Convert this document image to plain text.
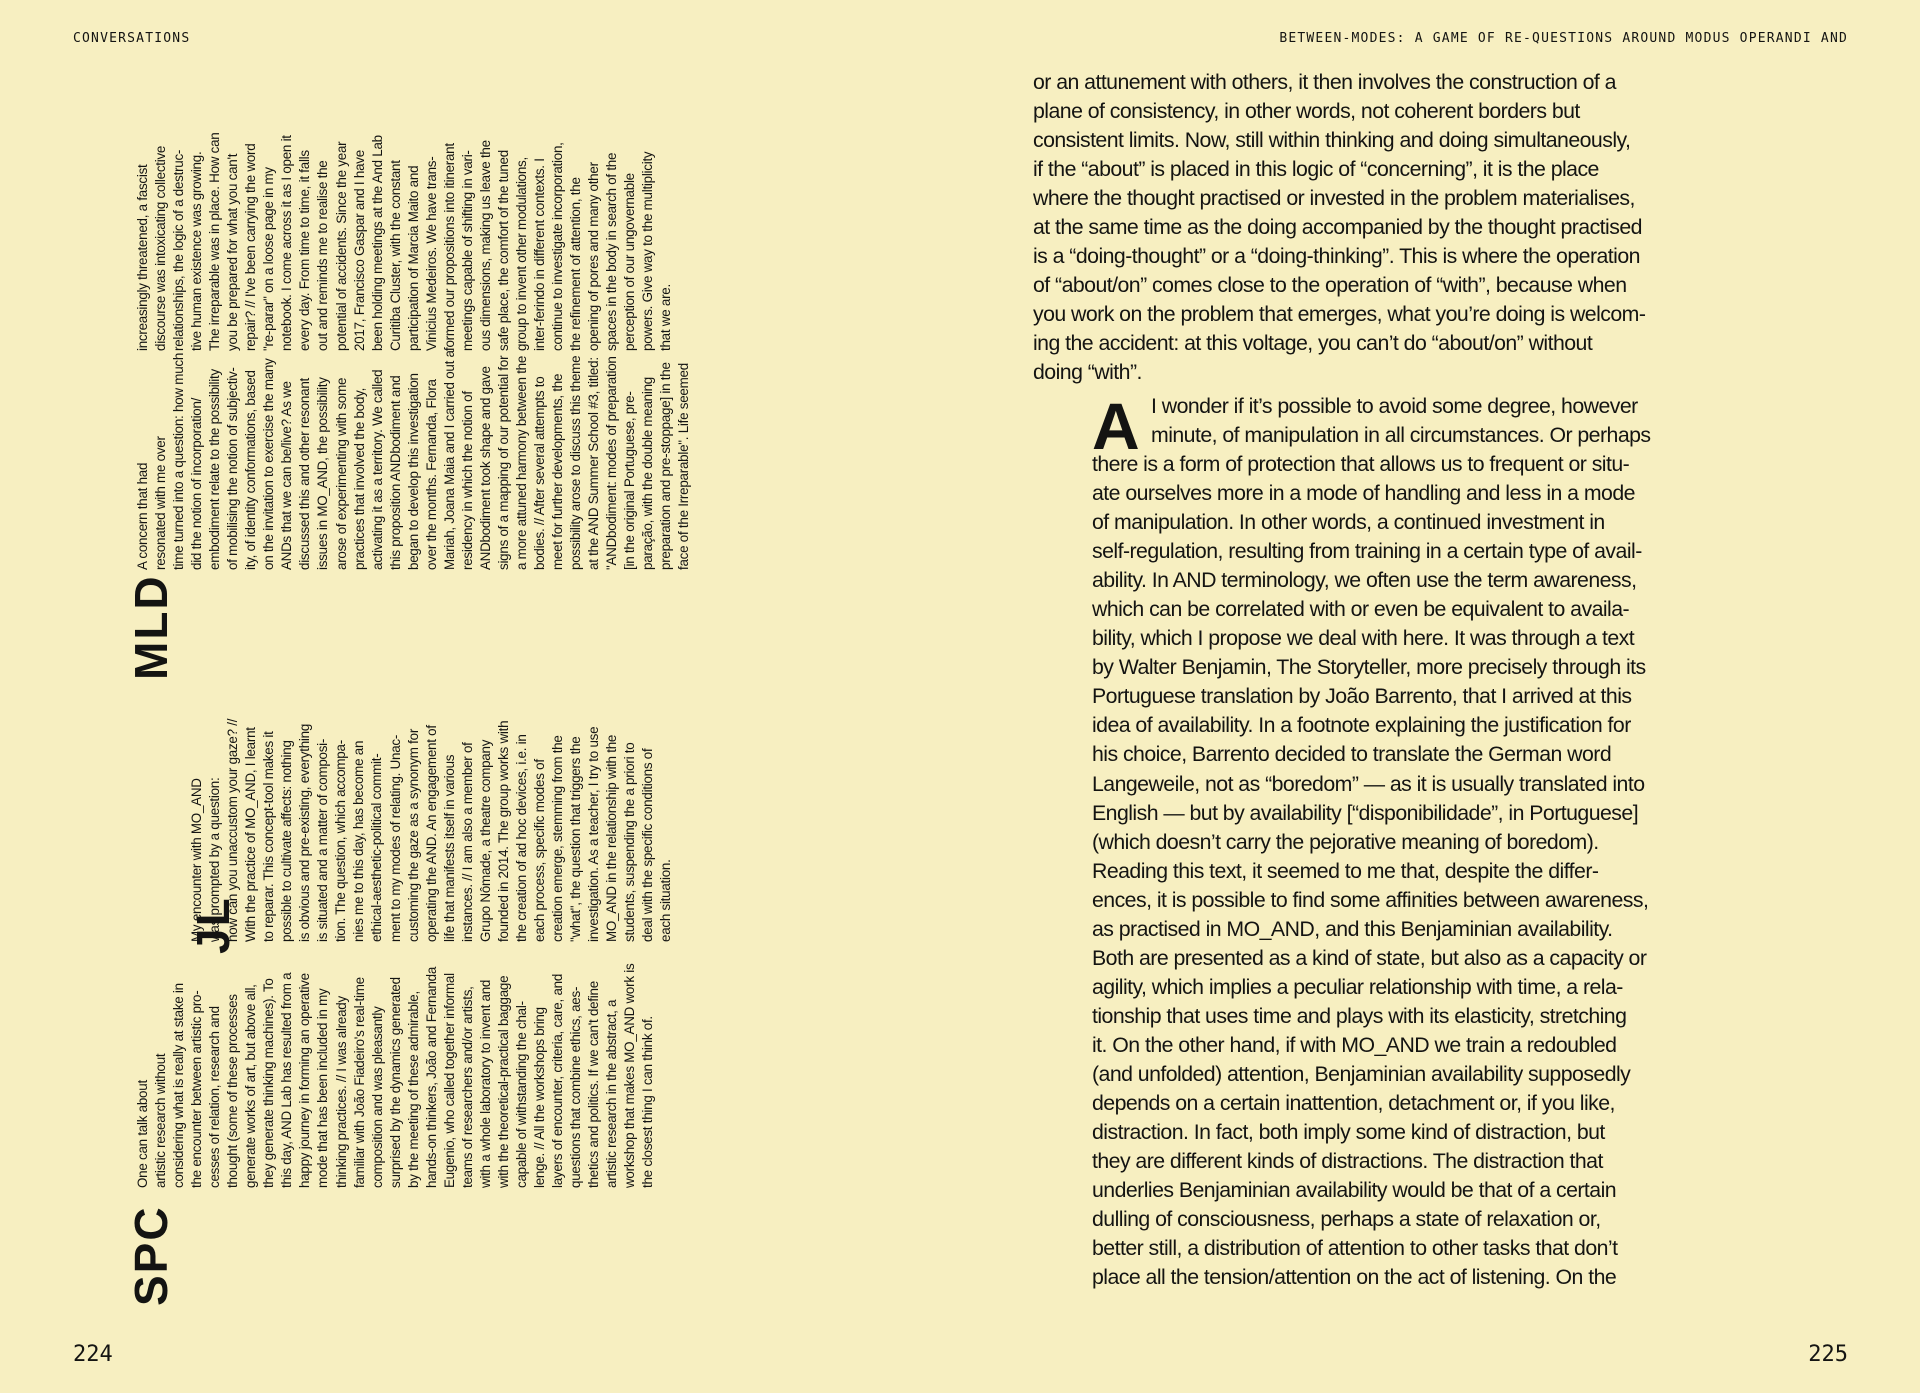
CONVERSATIONS	BETWEEN-MODES: A GAME OF RE-QUESTIONS AROUND MODUS OPERANDI AND
SPC
One can talk about
artistic research without
considering what is really at stake in
the encounter between artistic pro-
cesses of relation, research and
thought (some of these processes
generate works of art, but above all,
they generate thinking machines). To
this day, AND Lab has resulted from a
happy journey in forming an operative
mode that has been included in my
thinking practices. // I was already
familiar with João Fiadeiro's real-time
composition and was pleasantly
surprised by the dynamics generated
by the meeting of these admirable,
hands-on thinkers, João and Fernanda
Eugenio, who called together informal
teams of researchers and/or artists,
with a whole laboratory to invent and
with the theoretical-practical baggage
capable of withstanding the chal-
lenge. // All the workshops bring
layers of encounter, criteria, care, and
questions that combine ethics, aes-
thetics and politics. If we can't define
artistic research in the abstract, a
workshop that makes MO_AND work is
the closest thing I can think of.
JL
My encounter with MO_AND
was prompted by a question:
how can you unaccustom your gaze? //
With the practice of MO_AND, I learnt
to reparar. This concept-tool makes it
possible to cultivate affects: nothing
is obvious and pre-existing, everything
is situated and a matter of composi-
tion. The question, which accompa-
nies me to this day, has become an
ethical-aesthetic-political commit-
ment to my modes of relating. Unac-
customing the gaze as a synonym for
operating the AND. An engagement of
life that manifests itself in various
instances. // I am also a member of
Grupo Nômade, a theatre company
founded in 2014. The group works with
the creation of ad hoc devices, i.e. in
each process, specific modes of
creation emerge, stemming from the
"what", the question that triggers the
investigation. As a teacher, I try to use
MO_AND in the relationship with the
students, suspending the a priori to
deal with the specific conditions of
each situation.
MLD
A concern that had
resonated with me over
time turned into a question: how much
did the notion of incorporation/
embodiment relate to the possibility
of mobilising the notion of subjectiv-
ity, of identity conformations, based
on the invitation to exercise the many
ANDs that we can be/live? As we
discussed this and other resonant
issues in MO_AND, the possibility
arose of experimenting with some
practices that involved the body,
activating it as a territory. We called
this proposition ANDbodiment and
began to develop this investigation
over the months. Fernanda, Flora
Mariah, Joana Maia and I carried out a
residency in which the notion of
ANDbodiment took shape and gave
signs of a mapping of our potential for
a more attuned harmony between the
bodies. // After several attempts to
meet for further developments, the
possibility arose to discuss this theme
at the AND Summer School #3, titled:
"ANDbodiment: modes of preparation
[in the original Portuguese, pre-
paração, with the double meaning
preparation and pre-stoppage] in the
face of the Irreparable". Life seemed
increasingly threatened, a fascist
discourse was intoxicating collective
relationships, the logic of a destruc-
tive human existence was growing.
The irreparable was in place. How can
you be prepared for what you can't
repair? // I've been carrying the word
"re-parar" on a loose page in my
notebook. I come across it as I open it
every day. From time to time, it falls
out and reminds me to realise the
potential of accidents. Since the year
2017, Francisco Gaspar and I have
been holding meetings at the And Lab
Curitiba Cluster, with the constant
participation of Marcia Maito and
Vinicius Medeiros. We have trans-
formed our propositions into itinerant
meetings capable of shifting in vari-
ous dimensions, making us leave the
safe place, the comfort of the tuned
group to invent other modulations,
inter-ferindo in different contexts. I
continue to investigate incorporation,
the refinement of attention, the
opening of pores and many other
spaces in the body in search of the
perception of our ungovernable
powers. Give way to the multiplicity
that we are.
or an attunement with others, it then involves the construction of a
plane of consistency, in other words, not coherent borders but
consistent limits. Now, still within thinking and doing simultaneously,
if the “about” is placed in this logic of “concerning”, it is the place
where the thought practised or invested in the problem materialises,
at the same time as the doing accompanied by the thought practised
is a “doing-thought” or a “doing-thinking”. This is where the operation
of “about/on” comes close to the operation of “with”, because when
you work on the problem that emerges, what you’re doing is welcom-
ing the accident: at this voltage, you can’t do “about/on” without
doing “with”.
A I wonder if it’s possible to avoid some degree, however
minute, of manipulation in all circumstances. Or perhaps
there is a form of protection that allows us to frequent or situ-
ate ourselves more in a mode of handling and less in a mode
of manipulation. In other words, a continued investment in
self-regulation, resulting from training in a certain type of avail-
ability. In AND terminology, we often use the term awareness,
which can be correlated with or even be equivalent to availa-
bility, which I propose we deal with here. It was through a text
by Walter Benjamin, The Storyteller, more precisely through its
Portuguese translation by João Barrento, that I arrived at this
idea of availability. In a footnote explaining the justification for
his choice, Barrento decided to translate the German word
Langeweile, not as “boredom” — as it is usually translated into
English — but by availability [“disponibilidade”, in Portuguese]
(which doesn’t carry the pejorative meaning of boredom).
Reading this text, it seemed to me that, despite the differ-
ences, it is possible to find some affinities between awareness,
as practised in MO_AND, and this Benjaminian availability.
Both are presented as a kind of state, but also as a capacity or
agility, which implies a peculiar relationship with time, a rela-
tionship that uses time and plays with its elasticity, stretching
it. On the other hand, if with MO_AND we train a redoubled
(and unfolded) attention, Benjaminian availability supposedly
depends on a certain inattention, detachment or, if you like,
distraction. In fact, both imply some kind of distraction, but
they are different kinds of distractions. The distraction that
underlies Benjaminian availability would be that of a certain
dulling of consciousness, perhaps a state of relaxation or,
better still, a distribution of attention to other tasks that don’t
place all the tension/attention on the act of listening. On the
224	225
